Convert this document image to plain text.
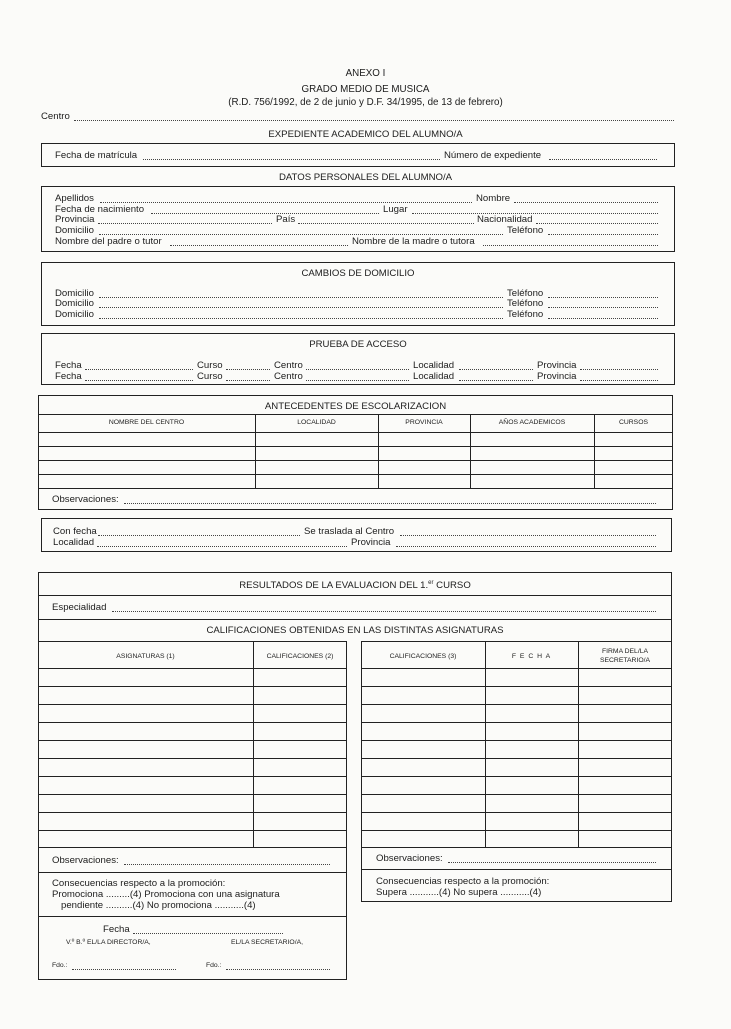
ANEXO I
GRADO MEDIO DE MUSICA
(R.D. 756/1992, de 2 de junio y D.F. 34/1995, de 13 de febrero)
Centro
EXPEDIENTE ACADEMICO DEL ALUMNO/A
Fecha de matrícula	Número de expediente
DATOS PERSONALES DEL ALUMNO/A
Apellidos	Nombre
Fecha de nacimiento	Lugar
Provincia	País	Nacionalidad
Domicilio	Teléfono
Nombre del padre o tutor	Nombre de la madre o tutora
CAMBIOS DE DOMICILIO
Domicilio	Teléfono
Domicilio	Teléfono
Domicilio	Teléfono
PRUEBA DE ACCESO
Fecha	Curso	Centro	Localidad	Provincia
Fecha	Curso	Centro	Localidad	Provincia
ANTECEDENTES DE ESCOLARIZACION
NOMBRE DEL CENTRO	LOCALIDAD	PROVINCIA	AÑOS ACADEMICOS	CURSOS
Observaciones:
Con fecha	Se traslada al Centro
Localidad	Provincia
RESULTADOS DE LA EVALUACION DEL 1.$^{er}$ CURSO
Especialidad
CALIFICACIONES OBTENIDAS EN LAS DISTINTAS ASIGNATURAS
ASIGNATURAS (1)	CALIFICACIONES (2)
Observaciones:
Consecuencias respecto a la promoción:
Promociona .........(4) Promociona con una asignatura
pendiente ..........(4) No promociona ...........(4)
Fecha
V.º B.º EL/LA DIRECTOR/A,	EL/LA SECRETARIO/A,
Fdo.:	Fdo.:
CALIFICACIONES (3)	F E C H A
FIRMA DEL/LA
SECRETARIO/A
Observaciones:
Consecuencias respecto a la promoción:
Supera ...........(4) No supera ...........(4)
